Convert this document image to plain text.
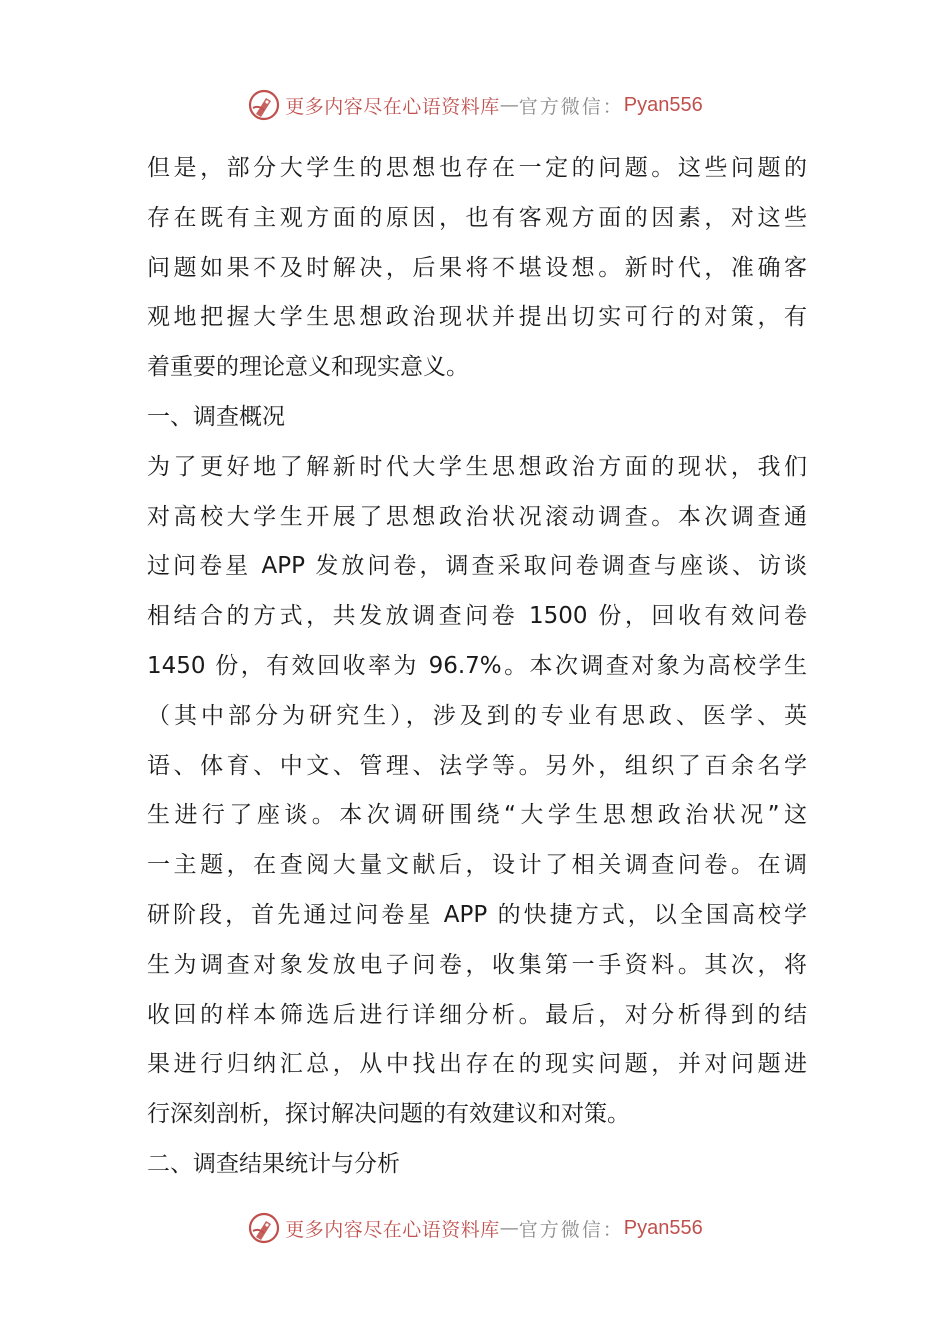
更多内容尽在心语资料库 — 官方微信： Pyan556
但是，部分大学生的思想也存在一定的问题。这些问题的
存在既有主观方面的原因，也有客观方面的因素，对这些
问题如果不及时解决，后果将不堪设想。新时代，准确客
观地把握大学生思想政治现状并提出切实可行的对策，有
着重要的理论意义和现实意义。
一、调查概况
为了更好地了解新时代大学生思想政治方面的现状，我们
对高校大学生开展了思想政治状况滚动调查。本次调查通
过问卷星 APP 发放问卷，调查采取问卷调查与座谈、访谈
相结合的方式，共发放调查问卷 1500 份，回收有效问卷
1450 份，有效回收率为 96.7%。本次调查对象为高校学生
（其中部分为研究生），涉及到的专业有思政、医学、英
语、体育、中文、管理、法学等。另外，组织了百余名学
生进行了座谈。本次调研围绕“大学生思想政治状况”这
一主题，在查阅大量文献后，设计了相关调查问卷。在调
研阶段，首先通过问卷星 APP 的快捷方式，以全国高校学
生为调查对象发放电子问卷，收集第一手资料。其次，将
收回的样本筛选后进行详细分析。最后，对分析得到的结
果进行归纳汇总，从中找出存在的现实问题，并对问题进
行深刻剖析，探讨解决问题的有效建议和对策。
二、调查结果统计与分析
更多内容尽在心语资料库 — 官方微信： Pyan556
